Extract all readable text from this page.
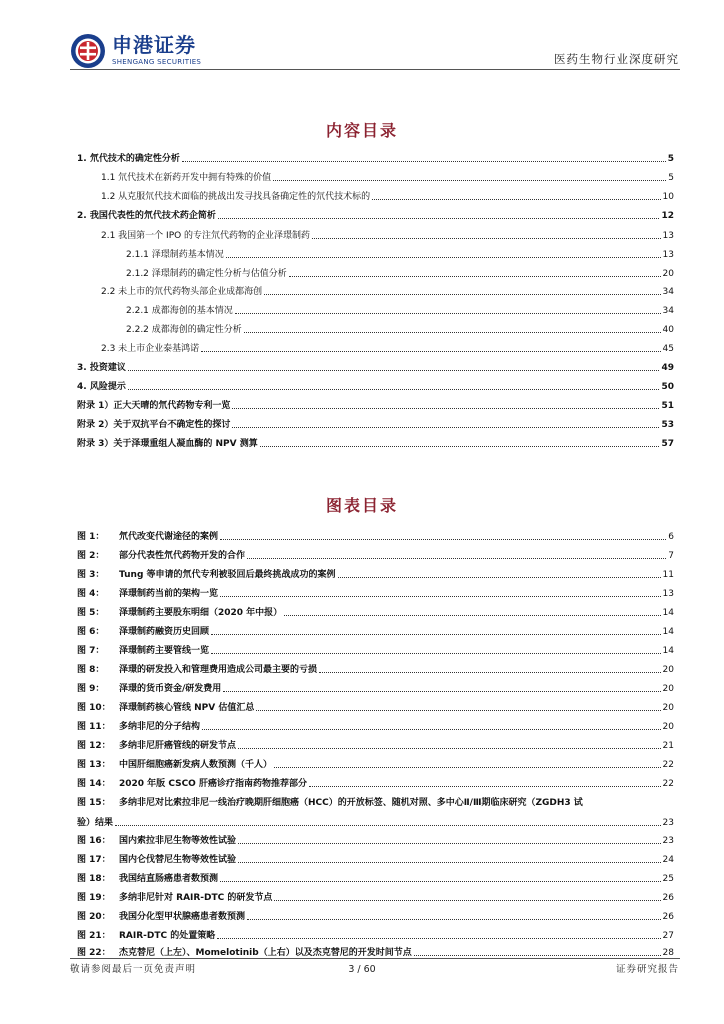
申港证券
SHENGANG SECURITIES	医药生物行业深度研究
内容目录
1. 氘代技术的确定性分析	5
1.1 氘代技术在新药开发中拥有特殊的价值	5
1.2 从克服氘代技术面临的挑战出发寻找具备确定性的氘代技术标的	10
2. 我国代表性的氘代技术药企简析	12
2.1 我国第一个 IPO 的专注氘代药物的企业泽璟制药	13
2.1.1 泽璟制药基本情况	13
2.1.2 泽璟制药的确定性分析与估值分析	20
2.2 未上市的氘代药物头部企业成都海创	34
2.2.1 成都海创的基本情况	34
2.2.2 成都海创的确定性分析	40
2.3 未上市企业泰基鸿诺	45
3. 投资建议	49
4. 风险提示	50
附录 1）正大天晴的氘代药物专利一览	51
附录 2）关于双抗平台不确定性的探讨	53
附录 3）关于泽璟重组人凝血酶的 NPV 测算	57
图表目录
图 1：	氘代改变代谢途径的案例	6
图 2：	部分代表性氘代药物开发的合作	7
图 3：	Tung 等申请的氘代专利被驳回后最终挑战成功的案例	11
图 4：	泽璟制药当前的架构一览	13
图 5：	泽璟制药主要股东明细（2020 年中报）	14
图 6：	泽璟制药融资历史回顾	14
图 7：	泽璟制药主要管线一览	14
图 8：	泽璟的研发投入和管理费用造成公司最主要的亏损	20
图 9：	泽璟的货币资金/研发费用	20
图 10： 泽璟制药核心管线 NPV 估值汇总	20
图 11： 多纳非尼的分子结构	20
图 12： 多纳非尼肝癌管线的研发节点	21
图 13： 中国肝细胞癌新发病人数预测（千人）	22
图 14： 2020 年版 CSCO 肝癌诊疗指南药物推荐部分	22
图 15： 多纳非尼对比索拉非尼一线治疗晚期肝细胞癌（HCC）的开放标签、随机对照、多中心Ⅱ/Ⅲ期临床研究（ZGDH3 试
验）结果	23
图 16： 国内索拉非尼生物等效性试验	23
图 17： 国内仑伐替尼生物等效性试验	24
图 18： 我国结直肠癌患者数预测	25
图 19： 多纳非尼针对 RAIR-DTC 的研发节点	26
图 20： 我国分化型甲状腺癌患者数预测	26
图 21： RAIR-DTC 的处置策略	27
图 22： 杰克替尼（上左）、Momelotinib（上右）以及杰克替尼的开发时间节点	28
敬请参阅最后一页免责声明	3 / 60	证券研究报告
